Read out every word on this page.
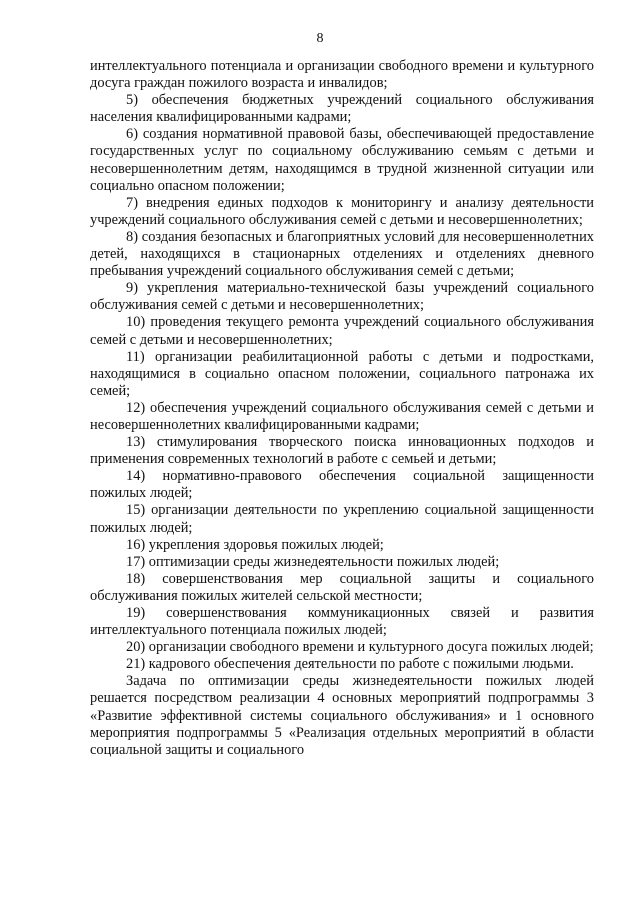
8

интеллектуального потенциала и организации свободного времени и культурного досуга граждан пожилого возраста и инвалидов;

5) обеспечения бюджетных учреждений социального обслуживания населения квалифицированными кадрами;

6) создания нормативной правовой базы, обеспечивающей предоставление государственных услуг по социальному обслуживанию семьям с детьми и несовершеннолетним детям, находящимся в трудной жизненной ситуации или социально опасном положении;

7) внедрения единых подходов к мониторингу и анализу деятельности учреждений социального обслуживания семей с детьми и несовершеннолетних;

8) создания безопасных и благоприятных условий для несовершеннолетних детей, находящихся в стационарных отделениях и отделениях дневного пребывания учреждений социального обслуживания семей с детьми;

9) укрепления материально-технической базы учреждений социального обслуживания семей с детьми и несовершеннолетних;

10) проведения текущего ремонта учреждений социального обслуживания семей с детьми и несовершеннолетних;

11) организации реабилитационной работы с детьми и подростками, находящимися в социально опасном положении, социального патронажа их семей;

12) обеспечения учреждений социального обслуживания семей с детьми и несовершеннолетних квалифицированными кадрами;

13) стимулирования творческого поиска инновационных подходов и применения современных технологий в работе с семьей и детьми;

14) нормативно-правового обеспечения социальной защищенности пожилых людей;

15) организации деятельности по укреплению социальной защищенности пожилых людей;

16) укрепления здоровья пожилых людей;

17) оптимизации среды жизнедеятельности пожилых людей;

18) совершенствования мер социальной защиты и социального обслуживания пожилых жителей сельской местности;

19) совершенствования коммуникационных связей и развития интеллектуального потенциала пожилых людей;

20) организации свободного времени и культурного досуга пожилых людей;

21) кадрового обеспечения деятельности по работе с пожилыми людьми.

Задача по оптимизации среды жизнедеятельности пожилых людей решается посредством реализации 4 основных мероприятий подпрограммы 3 «Развитие эффективной системы социального обслуживания» и 1 основного мероприятия подпрограммы 5 «Реализация отдельных мероприятий в области социальной защиты и социального
